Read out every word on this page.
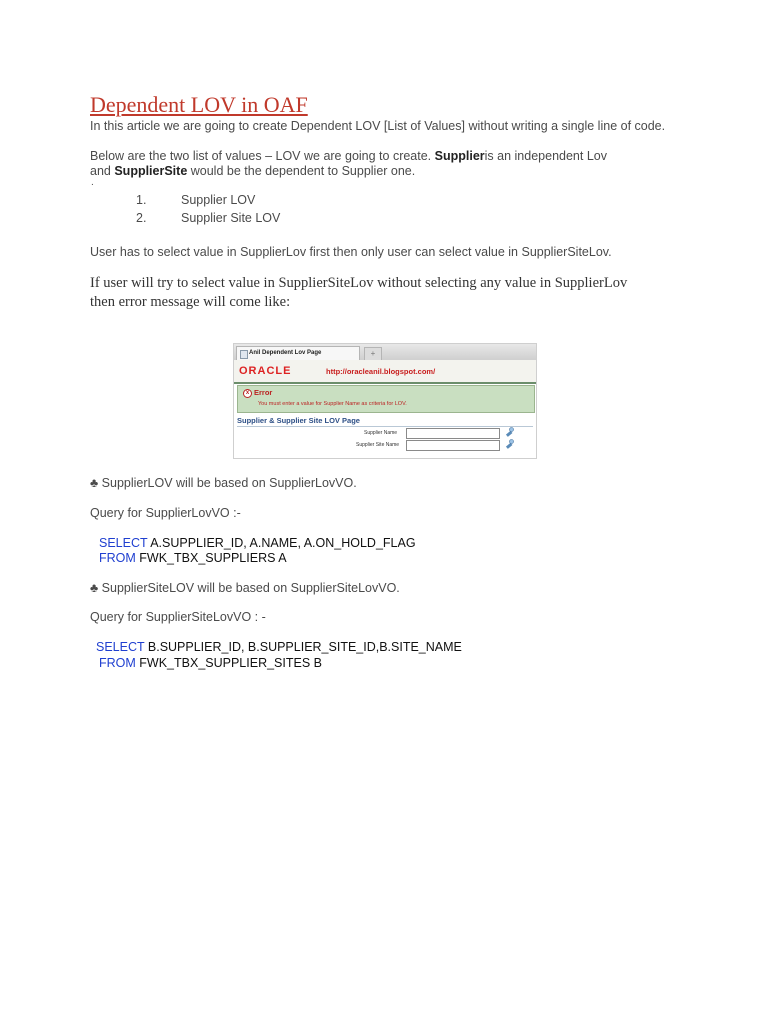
Dependent LOV in OAF
In this article we are going to create Dependent LOV [List of Values] without writing a single line of code.
Below are the two list of values – LOV we are going to create. Supplieris an independent Lov
and SupplierSite would be the dependent to Supplier one.
.
1.	Supplier LOV
2.	Supplier Site LOV
User has to select value in SupplierLov first then only user can select value in SupplierSiteLov.
If user will try to select value in SupplierSiteLov without selecting any value in SupplierLov
then error message will come like:
Anil Dependent Lov Page	+
ORACLE	http://oracleanil.blogspot.com/
x Error
You must enter a value for Supplier Name as criteria for LOV.
Supplier & Supplier Site LOV Page
Supplier Name
Supplier Site Name
♣ SupplierLOV will be based on SupplierLovVO.
Query for SupplierLovVO :-
SELECT A.SUPPLIER_ID, A.NAME, A.ON_HOLD_FLAG
FROM FWK_TBX_SUPPLIERS A
♣ SupplierSiteLOV will be based on SupplierSiteLovVO.
Query for SupplierSiteLovVO : -
SELECT B.SUPPLIER_ID, B.SUPPLIER_SITE_ID,B.SITE_NAME
FROM FWK_TBX_SUPPLIER_SITES B
